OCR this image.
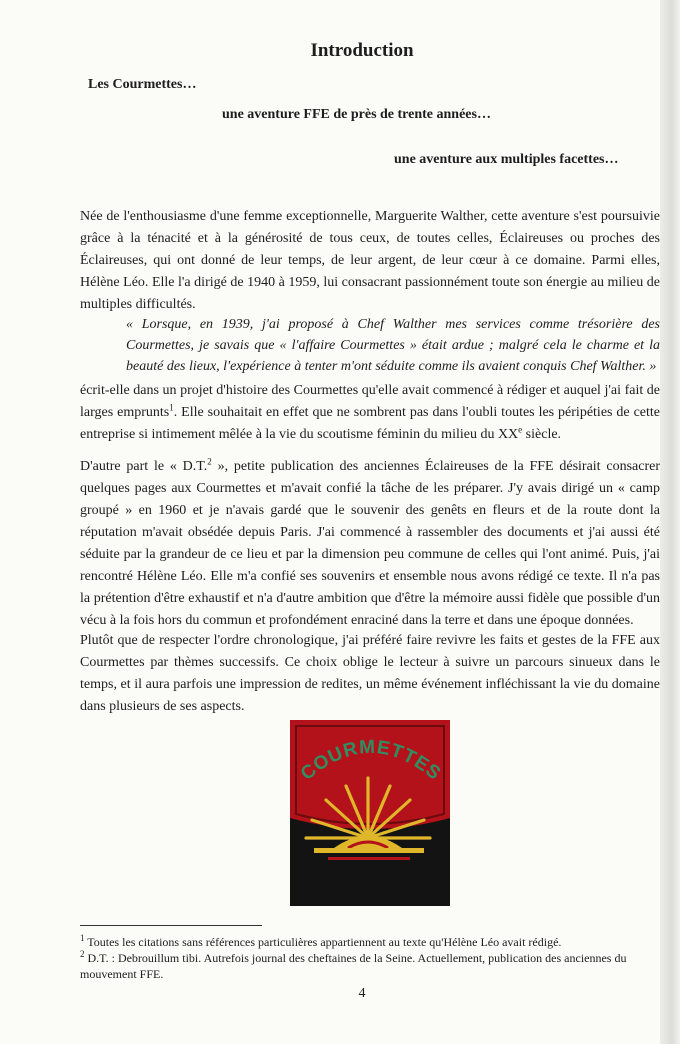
Introduction
Les Courmettes…
une aventure FFE de près de trente années…
une aventure aux multiples facettes…
Née de l'enthousiasme d'une femme exceptionnelle, Marguerite Walther, cette aventure s'est poursuivie grâce à la ténacité et à la générosité de tous ceux, de toutes celles, Éclaireuses ou proches des Éclaireuses, qui ont donné de leur temps, de leur argent, de leur cœur à ce domaine. Parmi elles, Hélène Léo. Elle l'a dirigé de 1940 à 1959, lui consacrant passionnément toute son énergie au milieu de multiples difficultés.
« Lorsque, en 1939, j'ai proposé à Chef Walther mes services comme trésorière des Courmettes, je savais que « l'affaire Courmettes » était ardue ; malgré cela le charme et la beauté des lieux, l'expérience à tenter m'ont séduite comme ils avaient conquis Chef Walther. »
écrit-elle dans un projet d'histoire des Courmettes qu'elle avait commencé à rédiger et auquel j'ai fait de larges emprunts$^1$. Elle souhaitait en effet que ne sombrent pas dans l'oubli toutes les péripéties de cette entreprise si intimement mêlée à la vie du scoutisme féminin du milieu du XXe siècle.
D'autre part le « D.T.$^2$ », petite publication des anciennes Éclaireuses de la FFE désirait consacrer quelques pages aux Courmettes et m'avait confié la tâche de les préparer. J'y avais dirigé un « camp groupé » en 1960 et je n'avais gardé que le souvenir des genêts en fleurs et de la route dont la réputation m'avait obsédée depuis Paris. J'ai commencé à rassembler des documents et j'ai aussi été séduite par la grandeur de ce lieu et par la dimension peu commune de celles qui l'ont animé. Puis, j'ai rencontré Hélène Léo. Elle m'a confié ses souvenirs et ensemble nous avons rédigé ce texte. Il n'a pas la prétention d'être exhaustif et n'a d'autre ambition que d'être la mémoire aussi fidèle que possible d'un vécu à la fois hors du commun et profondément enraciné dans la terre et dans une époque données.
Plutôt que de respecter l'ordre chronologique, j'ai préféré faire revivre les faits et gestes de la FFE aux Courmettes par thèmes successifs. Ce choix oblige le lecteur à suivre un parcours sinueux dans le temps, et il aura parfois une impression de redites, un même événement infléchissant la vie du domaine dans plusieurs de ses aspects.
COURMETTES
$^1$ Toutes les citations sans références particulières appartiennent au texte qu'Hélène Léo avait rédigé.
$^2$ D.T. : Debrouillum tibi. Autrefois journal des cheftaines de la Seine. Actuellement, publication des anciennes du mouvement FFE.
4
